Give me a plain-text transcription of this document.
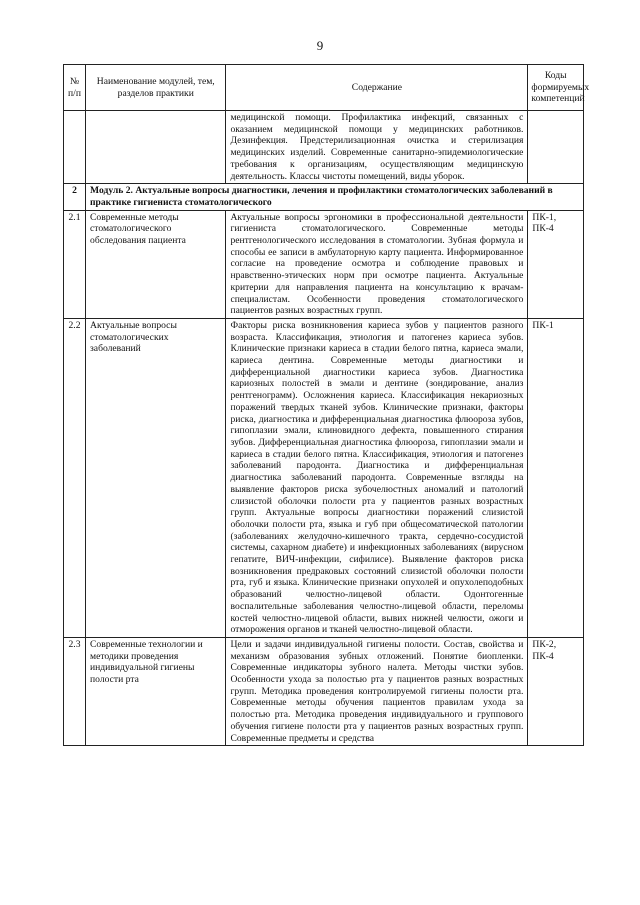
9
№ п/п	Наименование модулей, тем, разделов практики	Содержание	Коды формируемых компетенций
		медицинской помощи. Профилактика инфекций, связанных с оказанием медицинской помощи у медицинских работников. Дезинфекция. Предстерилизационная очистка и стерилизация медицинских изделий. Современные санитарно-эпидемиологические требования к организациям, осуществляющим медицинскую деятельность. Классы чистоты помещений, виды уборок.	
2	Модуль 2. Актуальные вопросы диагностики, лечения и профилактики стоматологических заболеваний в практике гигиениста стоматологического		
2.1	Современные методы стоматологического обследования пациента	Актуальные вопросы эргономики в профессиональной деятельности гигиениста стоматологического. Современные методы рентгенологического исследования в стоматологии. Зубная формула и способы ее записи в амбулаторную карту пациента. Информированное согласие на проведение осмотра и соблюдение правовых и нравственно-этических норм при осмотре пациента. Актуальные критерии для направления пациента на консультацию к врачам-специалистам. Особенности проведения стоматологического пациентов разных возрастных групп.	ПК-1, ПК-4
2.2	Актуальные вопросы стоматологических заболеваний	Факторы риска возникновения кариеса зубов у пациентов разного возраста. Классификация, этиология и патогенез кариеса зубов. Клинические признаки кариеса в стадии белого пятна, кариеса эмали, кариеса дентина. Современные методы диагностики и дифференциальной диагностики кариеса зубов. Диагностика кариозных полостей в эмали и дентине (зондирование, анализ рентгенограмм). Осложнения кариеса. Классификация некариозных поражений твердых тканей зубов. Клинические признаки, факторы риска, диагностика и дифференциальная диагностика флюороза зубов, гипоплазии эмали, клиновидного дефекта, повышенного стирания зубов. Дифференциальная диагностика флюороза, гипоплазии эмали и кариеса в стадии белого пятна. Классификация, этиология и патогенез заболеваний пародонта. Диагностика и дифференциальная диагностика заболеваний пародонта. Современные взгляды на выявление факторов риска зубочелюстных аномалий и патологий слизистой оболочки полости рта у пациентов разных возрастных групп. Актуальные вопросы диагностики поражений слизистой оболочки полости рта, языка и губ при общесоматической патологии (заболеваниях желудочно-кишечного тракта, сердечно-сосудистой системы, сахарном диабете) и инфекционных заболеваниях (вирусном гепатите, ВИЧ-инфекции, сифилисе). Выявление факторов риска возникновения предраковых состояний слизистой оболочки полости рта, губ и языка. Клинические признаки опухолей и опухолеподобных образований челюстно-лицевой области. Одонтогенные воспалительные заболевания челюстно-лицевой области, переломы костей челюстно-лицевой области, вывих нижней челюсти, ожоги и отморожения органов и тканей челюстно-лицевой области.	ПК-1
2.3	Современные технологии и методики проведения индивидуальной гигиены полости рта	Цели и задачи индивидуальной гигиены полости. Состав, свойства и механизм образования зубных отложений. Понятие биопленки. Современные индикаторы зубного налета. Методы чистки зубов. Особенности ухода за полостью рта у пациентов разных возрастных групп. Методика проведения контролируемой гигиены полости рта. Современные методы обучения пациентов правилам ухода за полостью рта. Методика проведения индивидуального и группового обучения гигиене полости рта у пациентов разных возрастных групп. Современные предметы и средства	ПК-2, ПК-4
